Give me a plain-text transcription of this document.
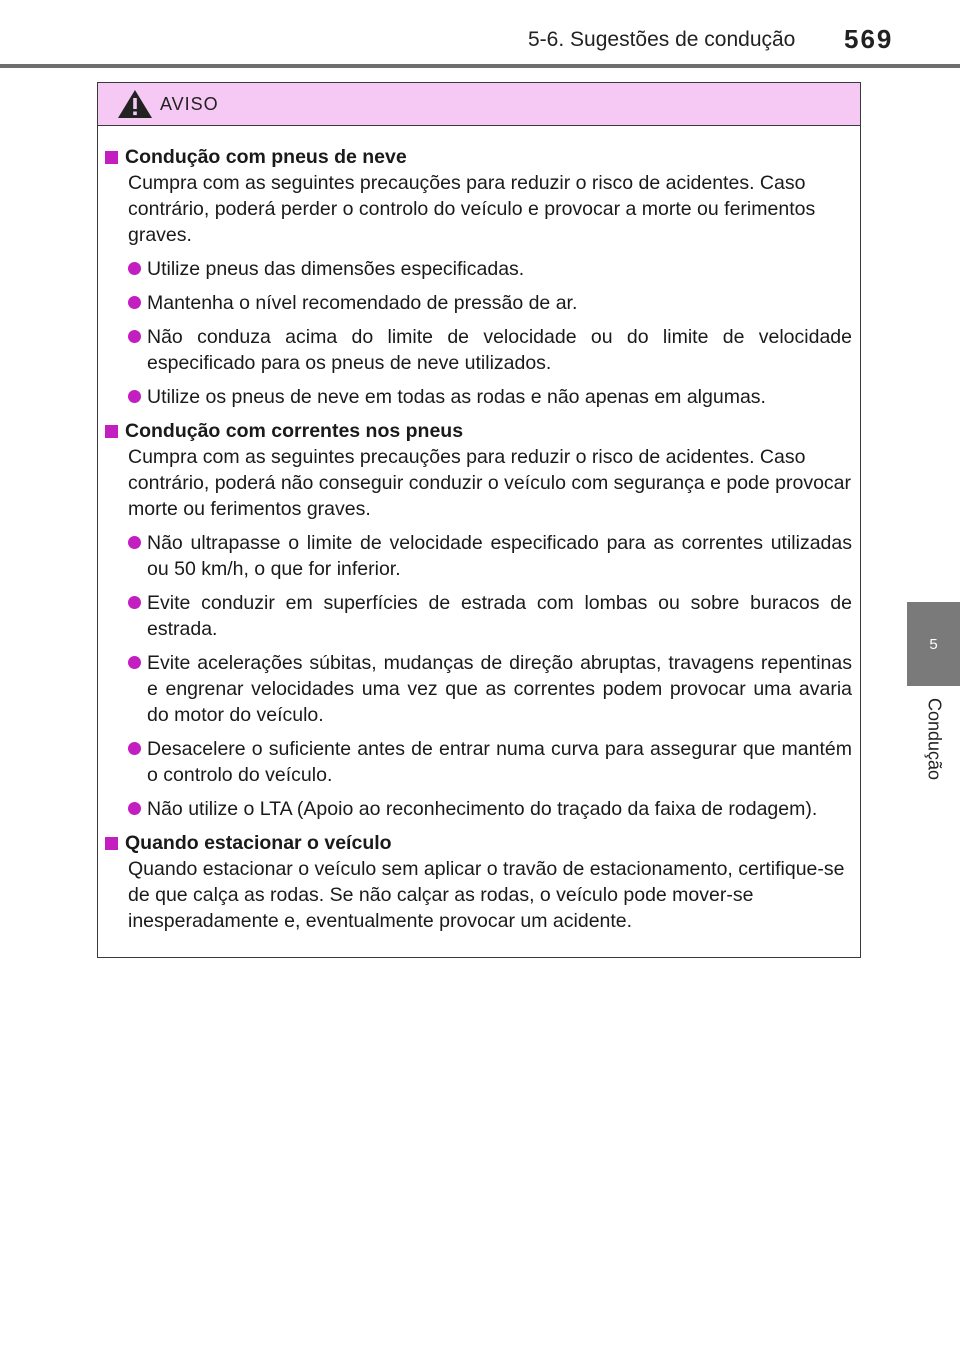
5-6. Sugestões de condução 569
5
Condução
AVISO
Condução com pneus de neve
Cumpra com as seguintes precauções para reduzir o risco de acidentes. Caso contrário, poderá perder o controlo do veículo e provocar a morte ou ferimentos graves.
Utilize pneus das dimensões especificadas.
Mantenha o nível recomendado de pressão de ar.
Não conduza acima do limite de velocidade ou do limite de velocidade especificado para os pneus de neve utilizados.
Utilize os pneus de neve em todas as rodas e não apenas em algumas.
Condução com correntes nos pneus
Cumpra com as seguintes precauções para reduzir o risco de acidentes. Caso contrário, poderá não conseguir conduzir o veículo com segurança e pode provocar morte ou ferimentos graves.
Não ultrapasse o limite de velocidade especificado para as correntes utilizadas ou 50 km/h, o que for inferior.
Evite conduzir em superfícies de estrada com lombas ou sobre buracos de estrada.
Evite acelerações súbitas, mudanças de direção abruptas, travagens repentinas e engrenar velocidades uma vez que as correntes podem provocar uma avaria do motor do veículo.
Desacelere o suficiente antes de entrar numa curva para assegurar que mantém o controlo do veículo.
Não utilize o LTA (Apoio ao reconhecimento do traçado da faixa de rodagem).
Quando estacionar o veículo
Quando estacionar o veículo sem aplicar o travão de estacionamento, certifique-se de que calça as rodas. Se não calçar as rodas, o veículo pode mover-se inesperadamente e, eventualmente provocar um acidente.
